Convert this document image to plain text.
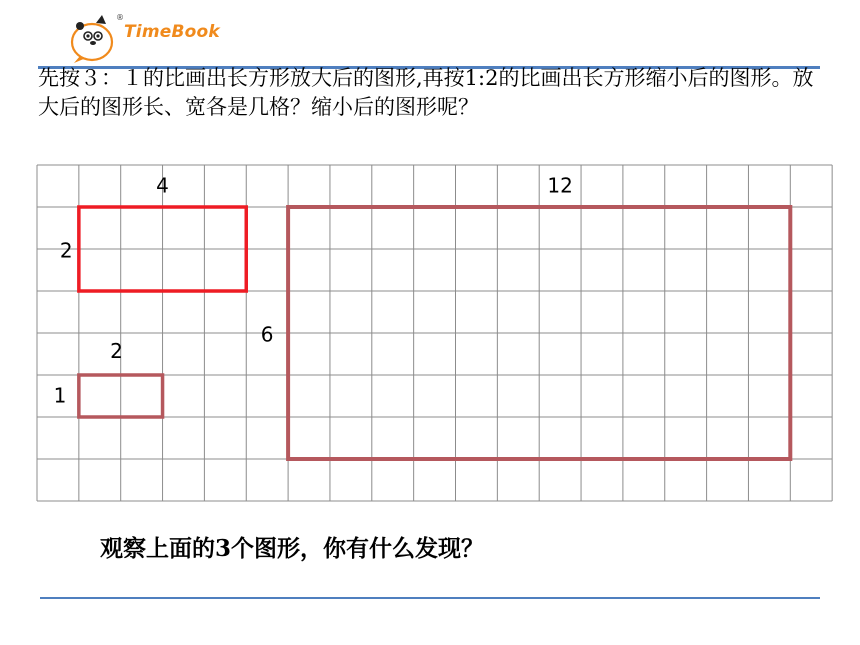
®
TimeBook

先按３：１的比画出长方形放大后的图形,再按1:2的比画出长方形缩小后的图形。放大后的图形长、宽各是几格？缩小后的图形呢？

4
2
2
1
12
6

观察上面的3个图形，你有什么发现？
